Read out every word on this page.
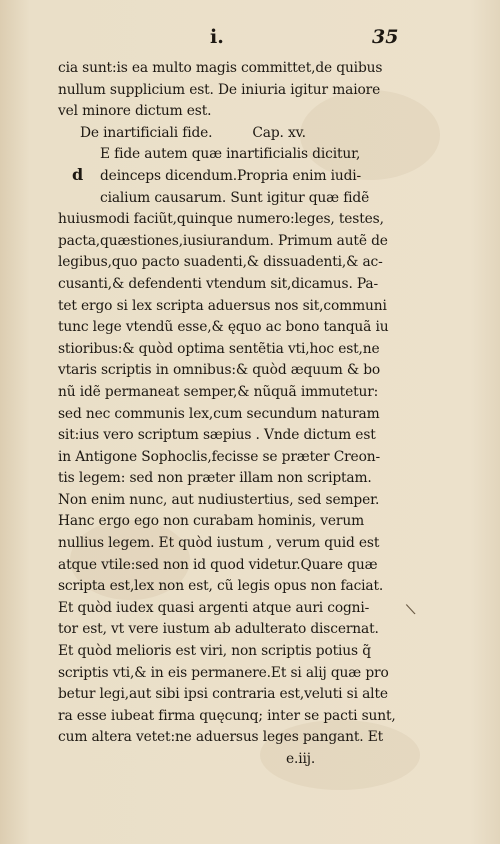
i.	35
d
\
cia sunt:is ea multo magis committet,de quibus
nullum supplicium est. De iniuria igitur maiore
vel minore dictum est.
De inartificiali fide.	Cap. xv.
E fide autem quæ inartificialis dicitur,
deinceps dicendum.Propria enim iudi-
cialium causarum. Sunt igitur quæ fidẽ
huiusmodi faciũt,quinque numero:leges, testes,
pacta,quæstiones,iusiurandum. Primum autẽ de
legibus,quo pacto suadenti,& dissuadenti,& ac-
cusanti,& defendenti vtendum sit,dicamus. Pa-
tet ergo si lex scripta aduersus nos sit,communi
tunc lege vtendũ esse,& ęquo ac bono tanquã iu
stioribus:& quòd optima sentẽtia vti,hoc est,ne
vtaris scriptis in omnibus:& quòd æquum & bo
nũ idẽ permaneat semper,& nũquã immutetur:
sed nec communis lex,cum secundum naturam
sit:ius vero scriptum sæpius . Vnde dictum est
in Antigone Sophoclis,fecisse se præter Creon-
tis legem: sed non præter illam non scriptam.
Non enim nunc, aut nudiustertius, sed semper.
Hanc ergo ego non curabam hominis, verum
nullius legem. Et quòd iustum , verum quid est
atque vtile:sed non id quod videtur.Quare quæ
scripta est,lex non est, cũ legis opus non faciat.
Et quòd iudex quasi argenti atque auri cogni-
tor est, vt vere iustum ab adulterato discernat.
Et quòd melioris est viri, non scriptis potius q̃
scriptis vti,& in eis permanere.Et si alij quæ pro
betur legi,aut sibi ipsi contraria est,veluti si alte
ra esse iubeat firma quęcunq; inter se pacti sunt,
cum altera vetet:ne aduersus leges pangant. Et
e.iij.
